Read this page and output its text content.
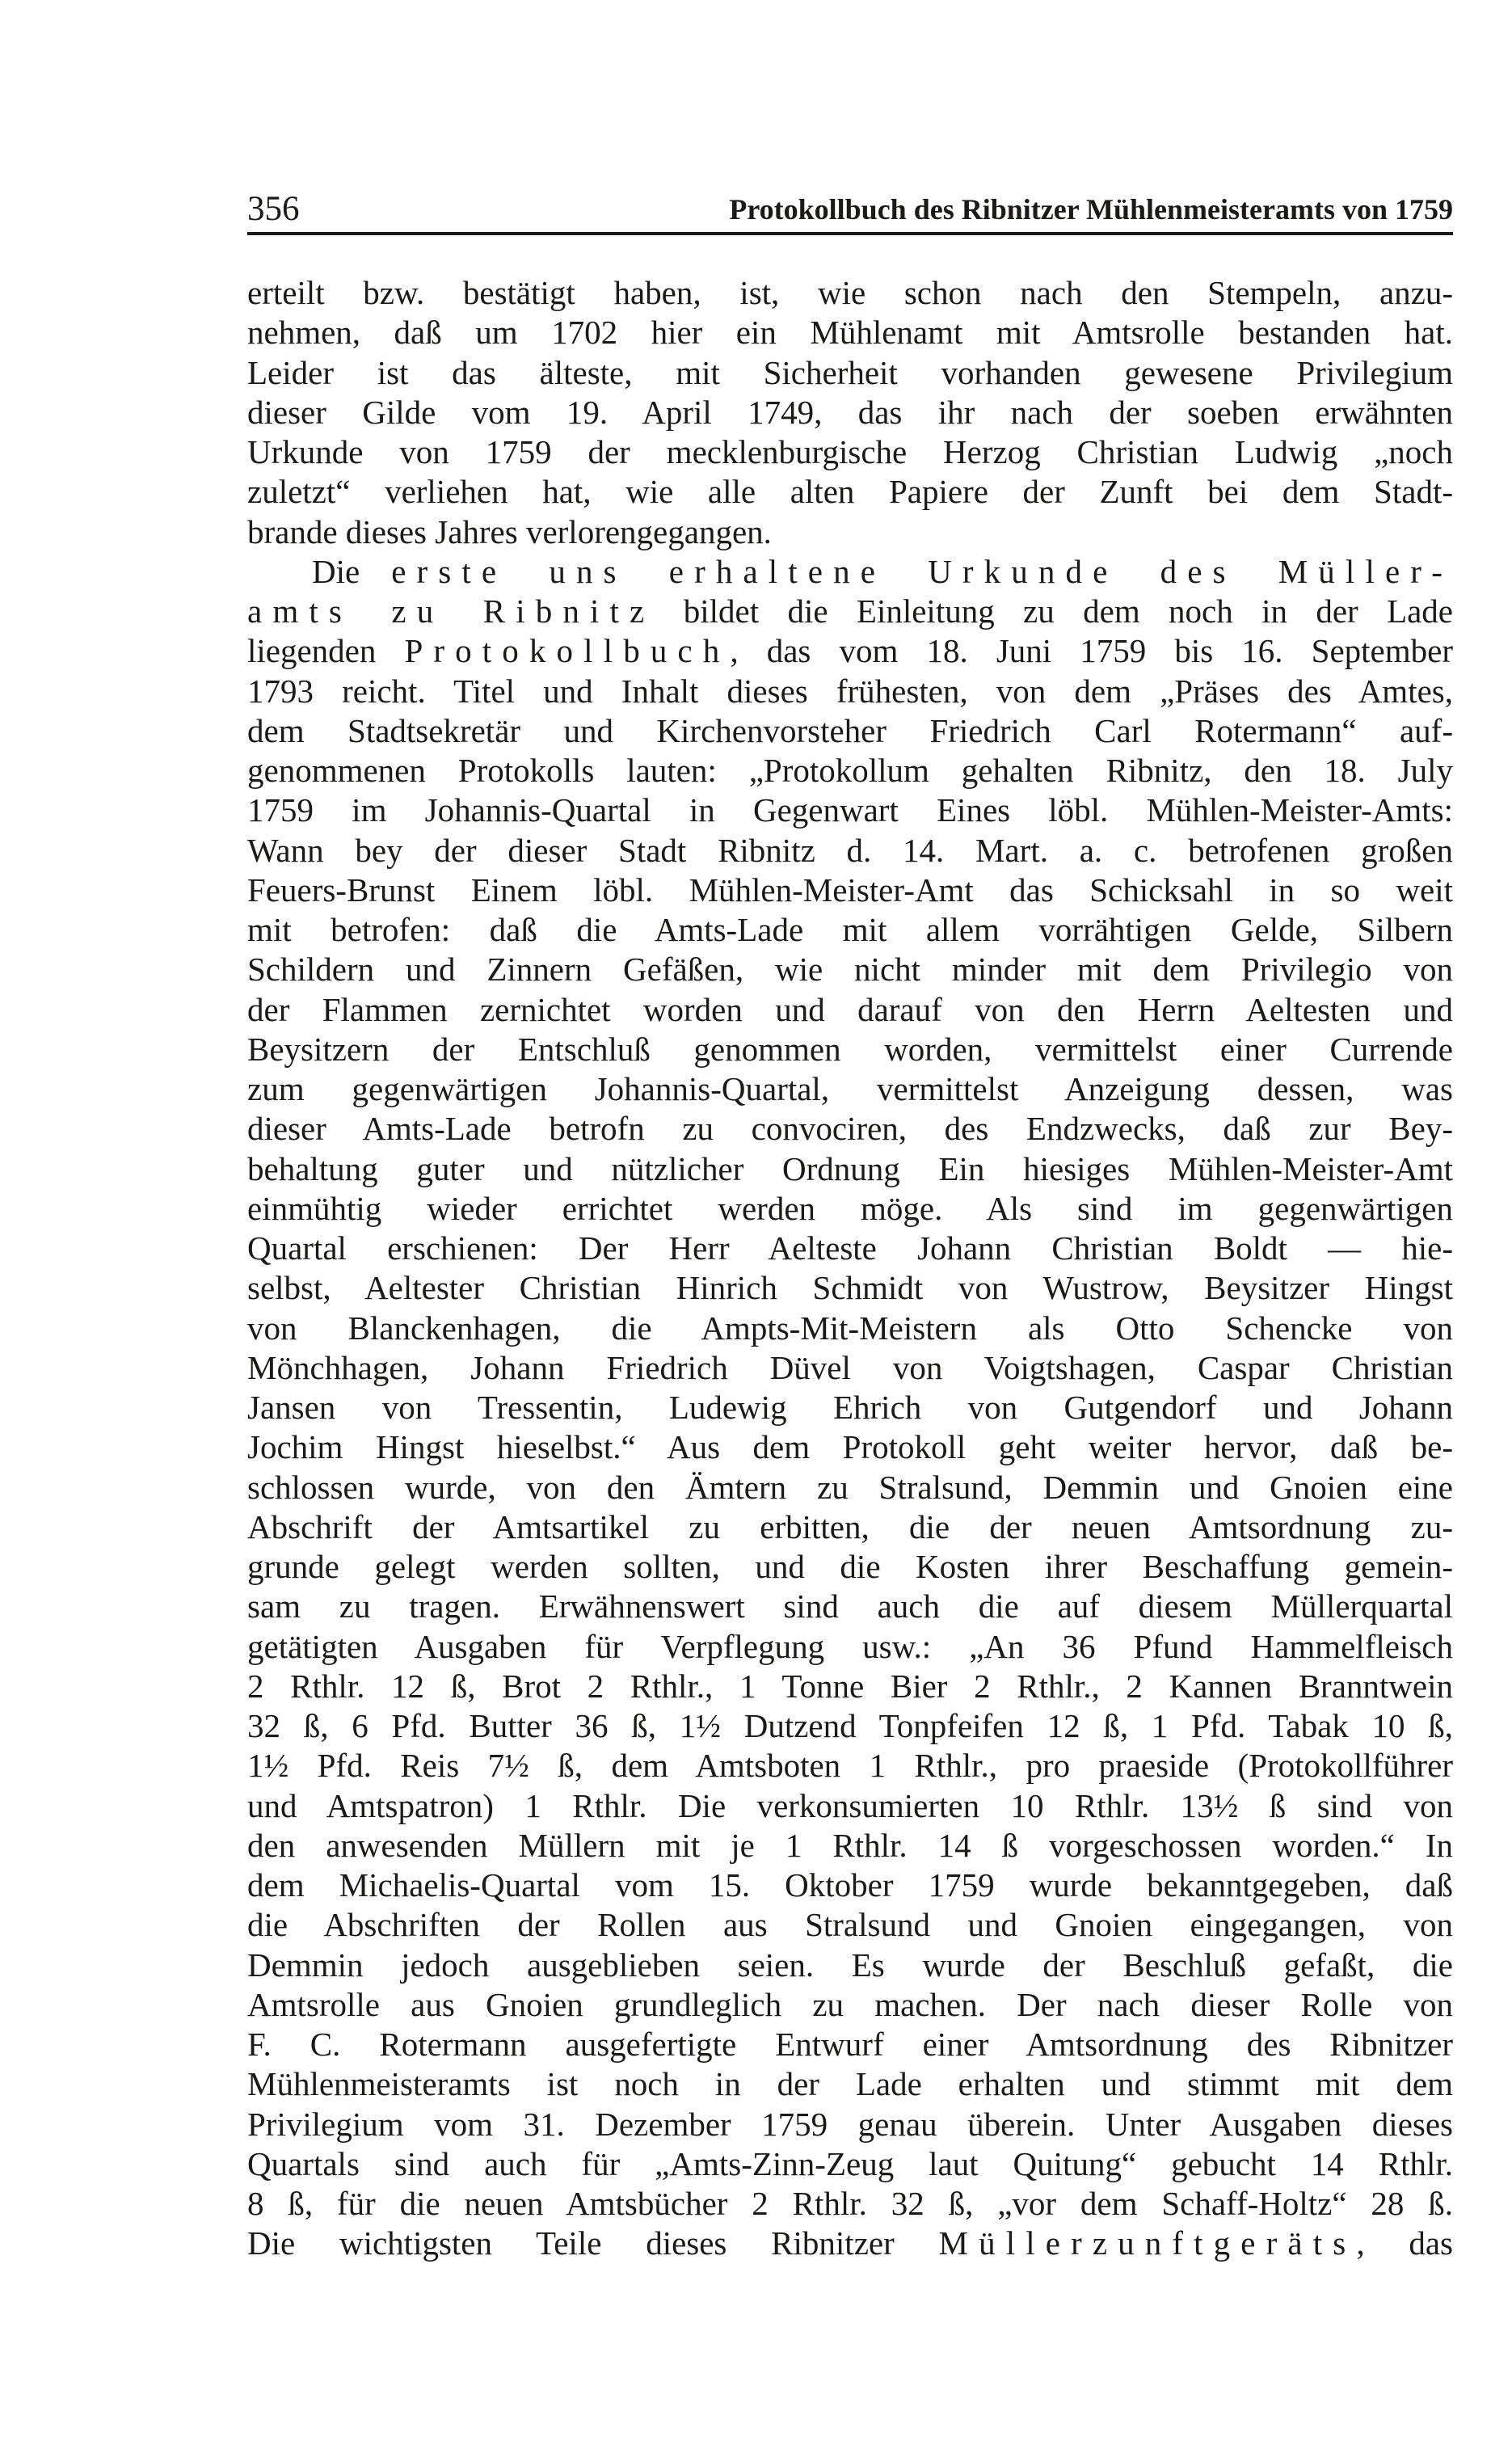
356	Protokollbuch des Ribnitzer Mühlenmeisteramts von 1759
erteilt bzw. bestätigt haben, ist, wie schon nach den Stempeln, anzu-
nehmen, daß um 1702 hier ein Mühlenamt mit Amtsrolle bestanden hat.
Leider ist das älteste, mit Sicherheit vorhanden gewesene Privilegium
dieser Gilde vom 19. April 1749, das ihr nach der soeben erwähnten
Urkunde von 1759 der mecklenburgische Herzog Christian Ludwig „noch
zuletzt“ verliehen hat, wie alle alten Papiere der Zunft bei dem Stadt-
brande dieses Jahres verlorengegangen.
Die erste uns erhaltene Urkunde des Müller-
amts zu Ribnitz bildet die Einleitung zu dem noch in der Lade
liegenden Protokollbuch, das vom 18. Juni 1759 bis 16. September
1793 reicht. Titel und Inhalt dieses frühesten, von dem „Präses des Amtes,
dem Stadtsekretär und Kirchenvorsteher Friedrich Carl Rotermann“ auf-
genommenen Protokolls lauten: „Protokollum gehalten Ribnitz, den 18. July
1759 im Johannis-Quartal in Gegenwart Eines löbl. Mühlen-Meister-Amts:
Wann bey der dieser Stadt Ribnitz d. 14. Mart. a. c. betrofenen großen
Feuers-Brunst Einem löbl. Mühlen-Meister-Amt das Schicksahl in so weit
mit betrofen: daß die Amts-Lade mit allem vorrähtigen Gelde, Silbern
Schildern und Zinnern Gefäßen, wie nicht minder mit dem Privilegio von
der Flammen zernichtet worden und darauf von den Herrn Aeltesten und
Beysitzern der Entschluß genommen worden, vermittelst einer Currende
zum gegenwärtigen Johannis-Quartal, vermittelst Anzeigung dessen, was
dieser Amts-Lade betrofn zu convociren, des Endzwecks, daß zur Bey-
behaltung guter und nützlicher Ordnung Ein hiesiges Mühlen-Meister-Amt
einmühtig wieder errichtet werden möge. Als sind im gegenwärtigen
Quartal erschienen: Der Herr Aelteste Johann Christian Boldt — hie-
selbst, Aeltester Christian Hinrich Schmidt von Wustrow, Beysitzer Hingst
von Blanckenhagen, die Ampts-Mit-Meistern als Otto Schencke von
Mönchhagen, Johann Friedrich Düvel von Voigtshagen, Caspar Christian
Jansen von Tressentin, Ludewig Ehrich von Gutgendorf und Johann
Jochim Hingst hieselbst.“ Aus dem Protokoll geht weiter hervor, daß be-
schlossen wurde, von den Ämtern zu Stralsund, Demmin und Gnoien eine
Abschrift der Amtsartikel zu erbitten, die der neuen Amtsordnung zu-
grunde gelegt werden sollten, und die Kosten ihrer Beschaffung gemein-
sam zu tragen. Erwähnenswert sind auch die auf diesem Müllerquartal
getätigten Ausgaben für Verpflegung usw.: „An 36 Pfund Hammelfleisch
2 Rthlr. 12 ß, Brot 2 Rthlr., 1 Tonne Bier 2 Rthlr., 2 Kannen Branntwein
32 ß, 6 Pfd. Butter 36 ß, 1½ Dutzend Tonpfeifen 12 ß, 1 Pfd. Tabak 10 ß,
1½ Pfd. Reis 7½ ß, dem Amtsboten 1 Rthlr., pro praeside (Protokollführer
und Amtspatron) 1 Rthlr. Die verkonsumierten 10 Rthlr. 13½ ß sind von
den anwesenden Müllern mit je 1 Rthlr. 14 ß vorgeschossen worden.“ In
dem Michaelis-Quartal vom 15. Oktober 1759 wurde bekanntgegeben, daß
die Abschriften der Rollen aus Stralsund und Gnoien eingegangen, von
Demmin jedoch ausgeblieben seien. Es wurde der Beschluß gefaßt, die
Amtsrolle aus Gnoien grundleglich zu machen. Der nach dieser Rolle von
F. C. Rotermann ausgefertigte Entwurf einer Amtsordnung des Ribnitzer
Mühlenmeisteramts ist noch in der Lade erhalten und stimmt mit dem
Privilegium vom 31. Dezember 1759 genau überein. Unter Ausgaben dieses
Quartals sind auch für „Amts-Zinn-Zeug laut Quitung“ gebucht 14 Rthlr.
8 ß, für die neuen Amtsbücher 2 Rthlr. 32 ß, „vor dem Schaff-Holtz“ 28 ß.
Die wichtigsten Teile dieses Ribnitzer Müllerzunftgeräts, das
